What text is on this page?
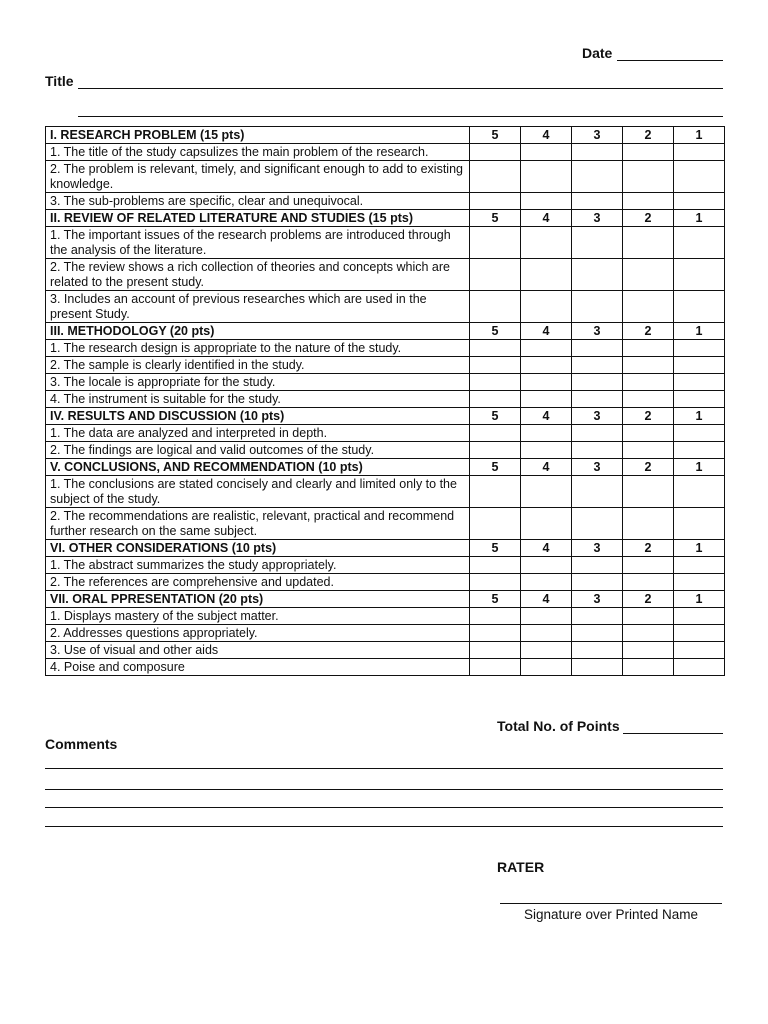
Date
Title
I. RESEARCH PROBLEM (15 pts)	5	4	3	2	1
1. The title of the study capsulizes the main problem of the research.					
2. The problem is relevant, timely, and significant enough to add to existing knowledge.					
3. The sub-problems are specific, clear and unequivocal.					
II. REVIEW OF RELATED LITERATURE AND STUDIES (15 pts)	5	4	3	2	1
1. The important issues of the research problems are introduced through the analysis of the literature.					
2. The review shows a rich collection of theories and concepts which are related to the present study.					
3. Includes an account of previous researches which are used in the present Study.					
III. METHODOLOGY (20 pts)	5	4	3	2	1
1. The research design is appropriate to the nature of the study.					
2. The sample is clearly identified in the study.					
3. The locale is appropriate for the study.					
4. The instrument is suitable for the study.					
IV. RESULTS AND DISCUSSION (10 pts)	5	4	3	2	1
1. The data are analyzed and interpreted in depth.					
2. The findings are logical and valid outcomes of the study.					
V. CONCLUSIONS, AND RECOMMENDATION (10 pts)	5	4	3	2	1
1. The conclusions are stated concisely and clearly and limited only to the subject of the study.					
2. The recommendations are realistic, relevant, practical and recommend further research on the same subject.					
VI. OTHER CONSIDERATIONS (10 pts)	5	4	3	2	1
1. The abstract summarizes the study appropriately.					
2. The references are comprehensive and updated.					
VII. ORAL PPRESENTATION (20 pts)	5	4	3	2	1
1. Displays mastery of the subject matter.					
2. Addresses questions appropriately.					
3. Use of visual and other aids					
4. Poise and composure					
Total No. of Points
Comments
RATER
Signature over Printed Name
